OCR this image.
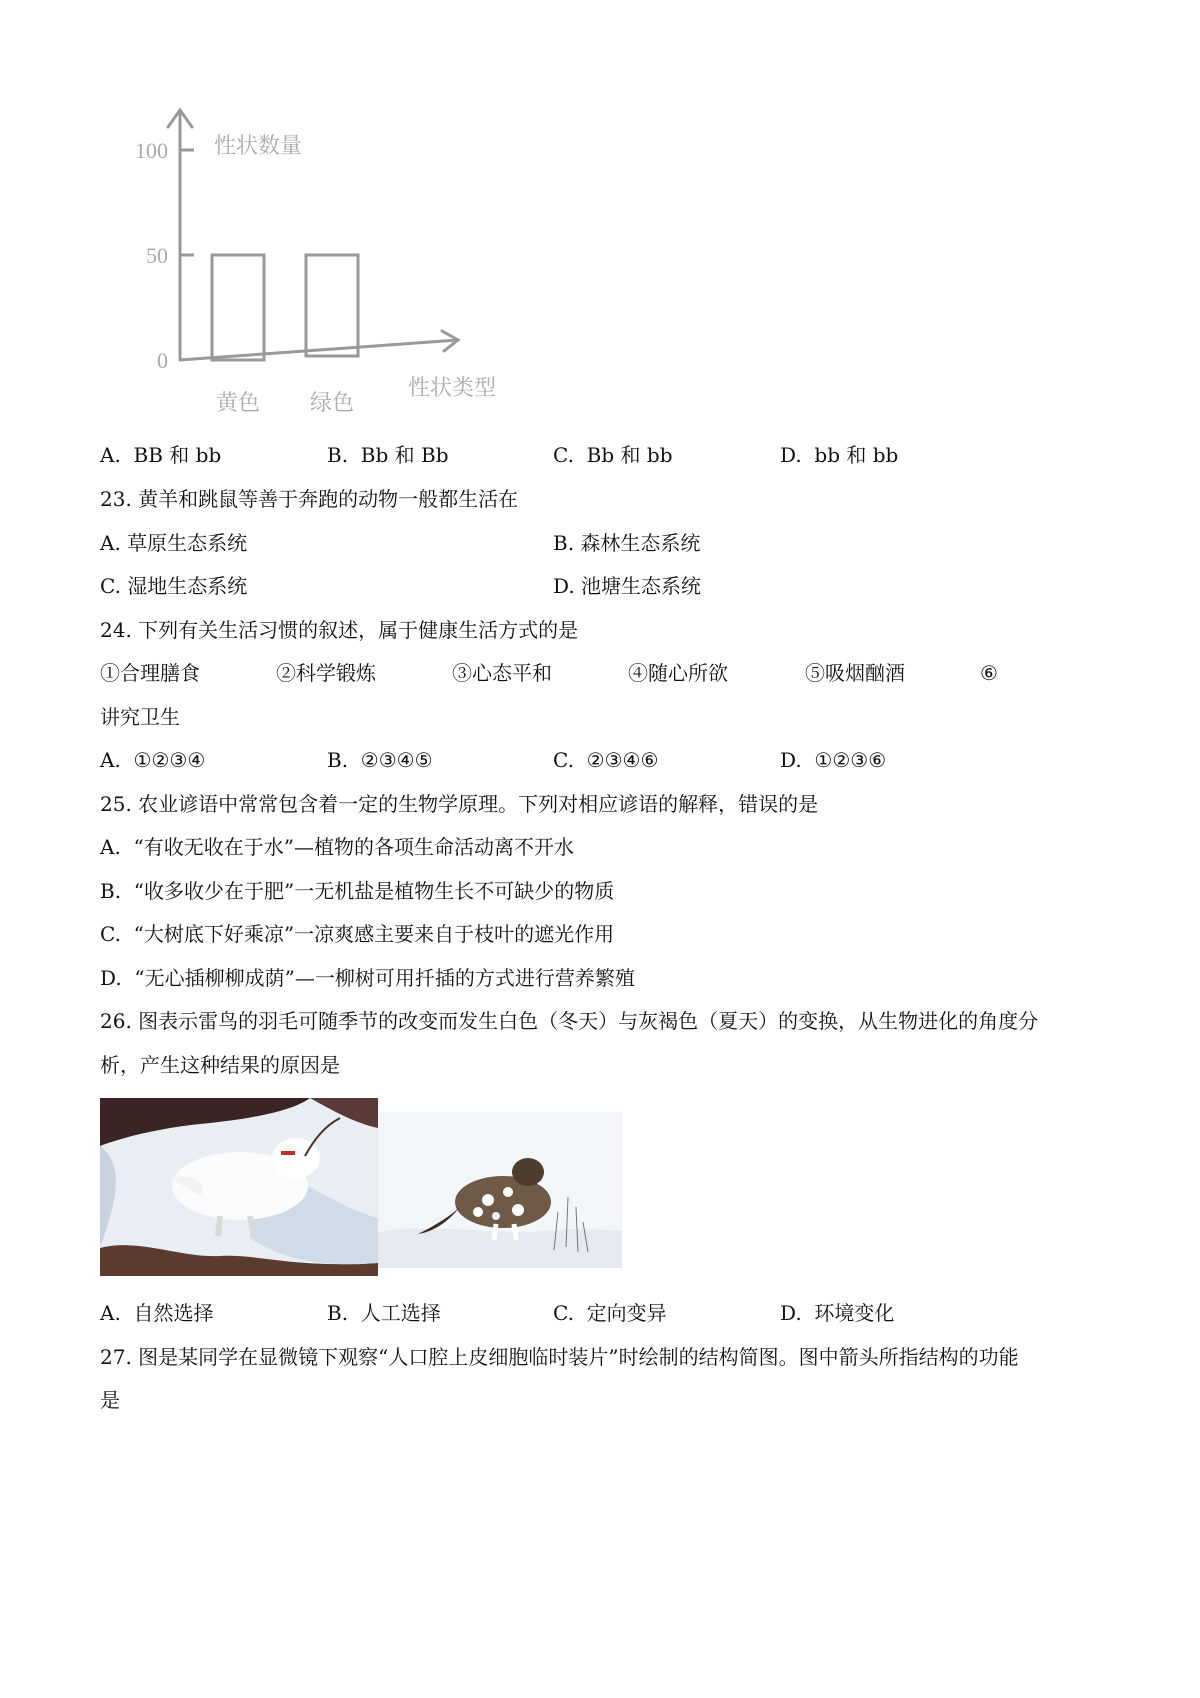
0
50
100 性状数量
黄色 绿色
性状类型
A. BB 和 bb	B. Bb 和 Bb	C. Bb 和 bb	D. bb 和 bb
23. 黄羊和跳鼠等善于奔跑的动物一般都生活在
A. 草原生态系统	B. 森林生态系统
C. 湿地生态系统	D. 池塘生态系统
24. 下列有关生活习惯的叙述，属于健康生活方式的是
①合理膳食	②科学锻炼	③心态平和	④随心所欲	⑤吸烟酗酒	⑥
讲究卫生
A. ①②③④	B. ②③④⑤	C. ②③④⑥	D. ①②③⑥
25. 农业谚语中常常包含着一定的生物学原理。下列对相应谚语的解释，错误的是
A. “有收无收在于水”—植物的各项生命活动离不开水
B. “收多收少在于肥”一无机盐是植物生长不可缺少的物质
C. “大树底下好乘凉”一凉爽感主要来自于枝叶的遮光作用
D. “无心插柳柳成荫”—一柳树可用扦插的方式进行营养繁殖
26. 图表示雷鸟的羽毛可随季节的改变而发生白色（冬天）与灰褐色（夏天）的变换，从生物进化的角度分
析，产生这种结果的原因是
A. 自然选择	B. 人工选择	C. 定向变异	D. 环境变化
27. 图是某同学在显微镜下观察“人口腔上皮细胞临时装片”时绘制的结构简图。图中箭头所指结构的功能
是
